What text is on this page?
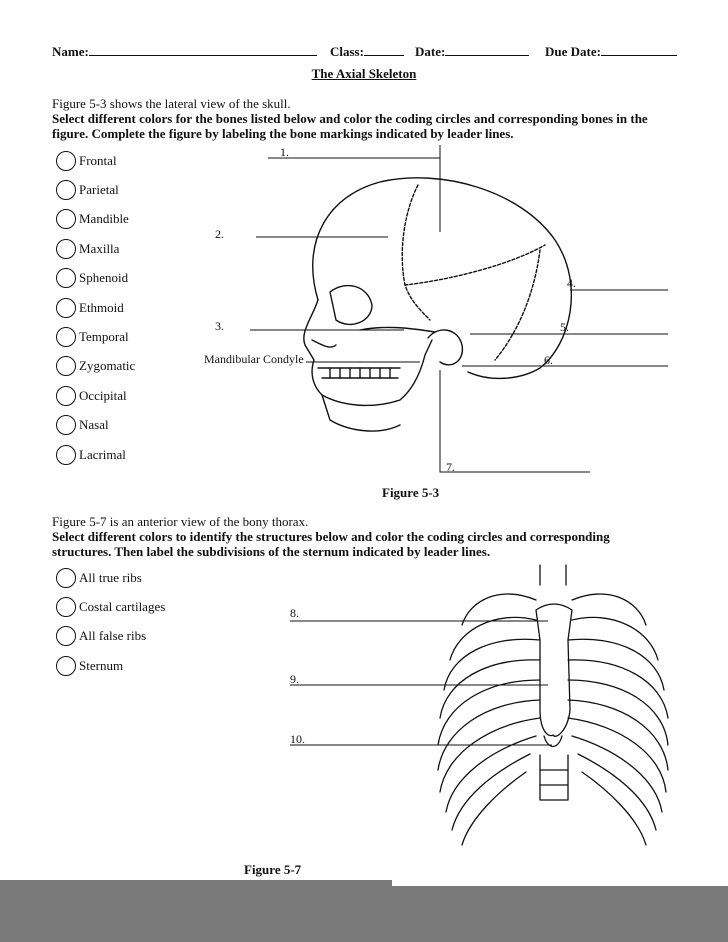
Name:	Class:	Date:	Due Date:
The Axial Skeleton
Figure 5-3 shows the lateral view of the skull.
Select different colors for the bones listed below and color the coding circles and corresponding bones in the figure. Complete the figure by labeling the bone markings indicated by leader lines.
Frontal
Parietal
Mandible
Maxilla
Sphenoid
Ethmoid
Temporal
Zygomatic
Occipital
Nasal
Lacrimal
1.
2.
3.
4.
5.
6.
7.
Mandibular Condyle
Figure 5-3
Figure 5-7 is an anterior view of the bony thorax.
Select different colors to identify the structures below and color the coding circles and corresponding structures. Then label the subdivisions of the sternum indicated by leader lines.
All true ribs
Costal cartilages
All false ribs
Sternum
8.
9.
10.
Figure 5-7
